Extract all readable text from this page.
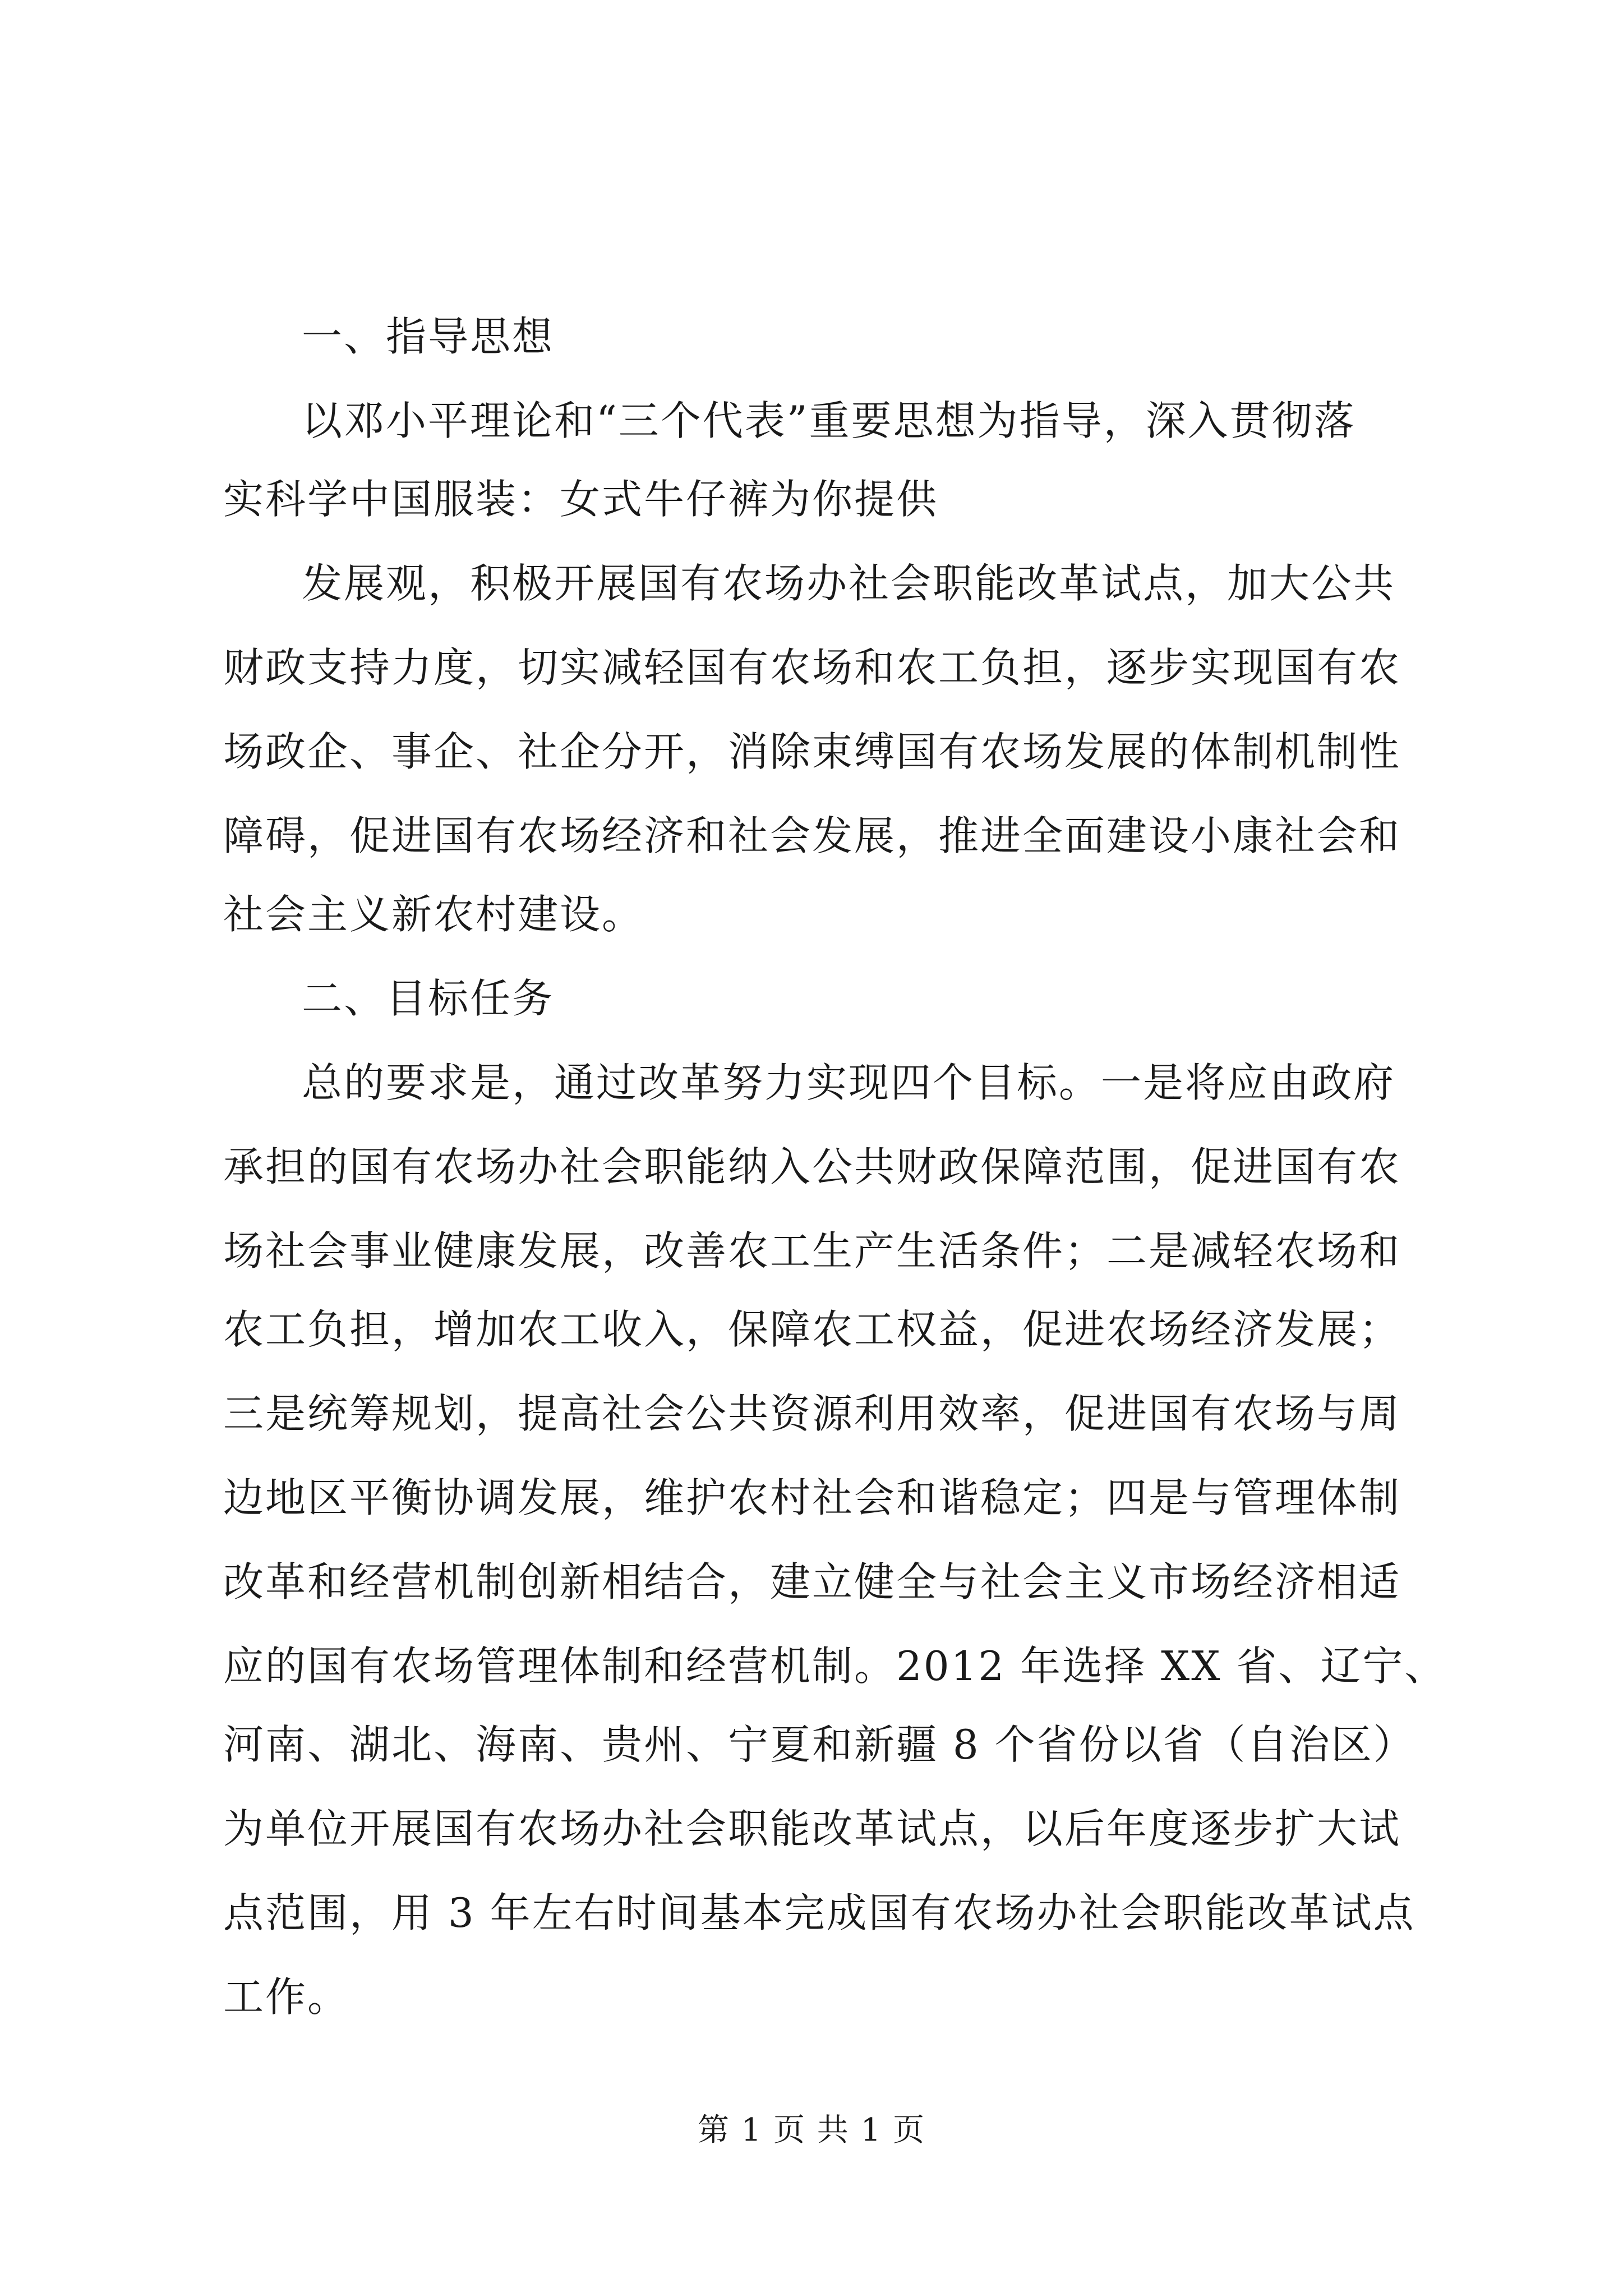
一、指导思想
以邓小平理论和“三个代表”重要思想为指导，深入贯彻落
实科学中国服装：女式牛仔裤为你提供
发展观，积极开展国有农场办社会职能改革试点，加大公共
财政支持力度，切实减轻国有农场和农工负担，逐步实现国有农
场政企、事企、社企分开，消除束缚国有农场发展的体制机制性
障碍，促进国有农场经济和社会发展，推进全面建设小康社会和
社会主义新农村建设。
二、目标任务
总的要求是，通过改革努力实现四个目标。一是将应由政府
承担的国有农场办社会职能纳入公共财政保障范围，促进国有农
场社会事业健康发展，改善农工生产生活条件；二是减轻农场和
农工负担，增加农工收入，保障农工权益，促进农场经济发展；
三是统筹规划，提高社会公共资源利用效率，促进国有农场与周
边地区平衡协调发展，维护农村社会和谐稳定；四是与管理体制
改革和经营机制创新相结合，建立健全与社会主义市场经济相适
应的国有农场管理体制和经营机制。2012 年选择 XX 省、辽宁、
河南、湖北、海南、贵州、宁夏和新疆 8 个省份以省（自治区）
为单位开展国有农场办社会职能改革试点，以后年度逐步扩大试
点范围，用 3 年左右时间基本完成国有农场办社会职能改革试点
工作。
第 1 页 共 1 页
